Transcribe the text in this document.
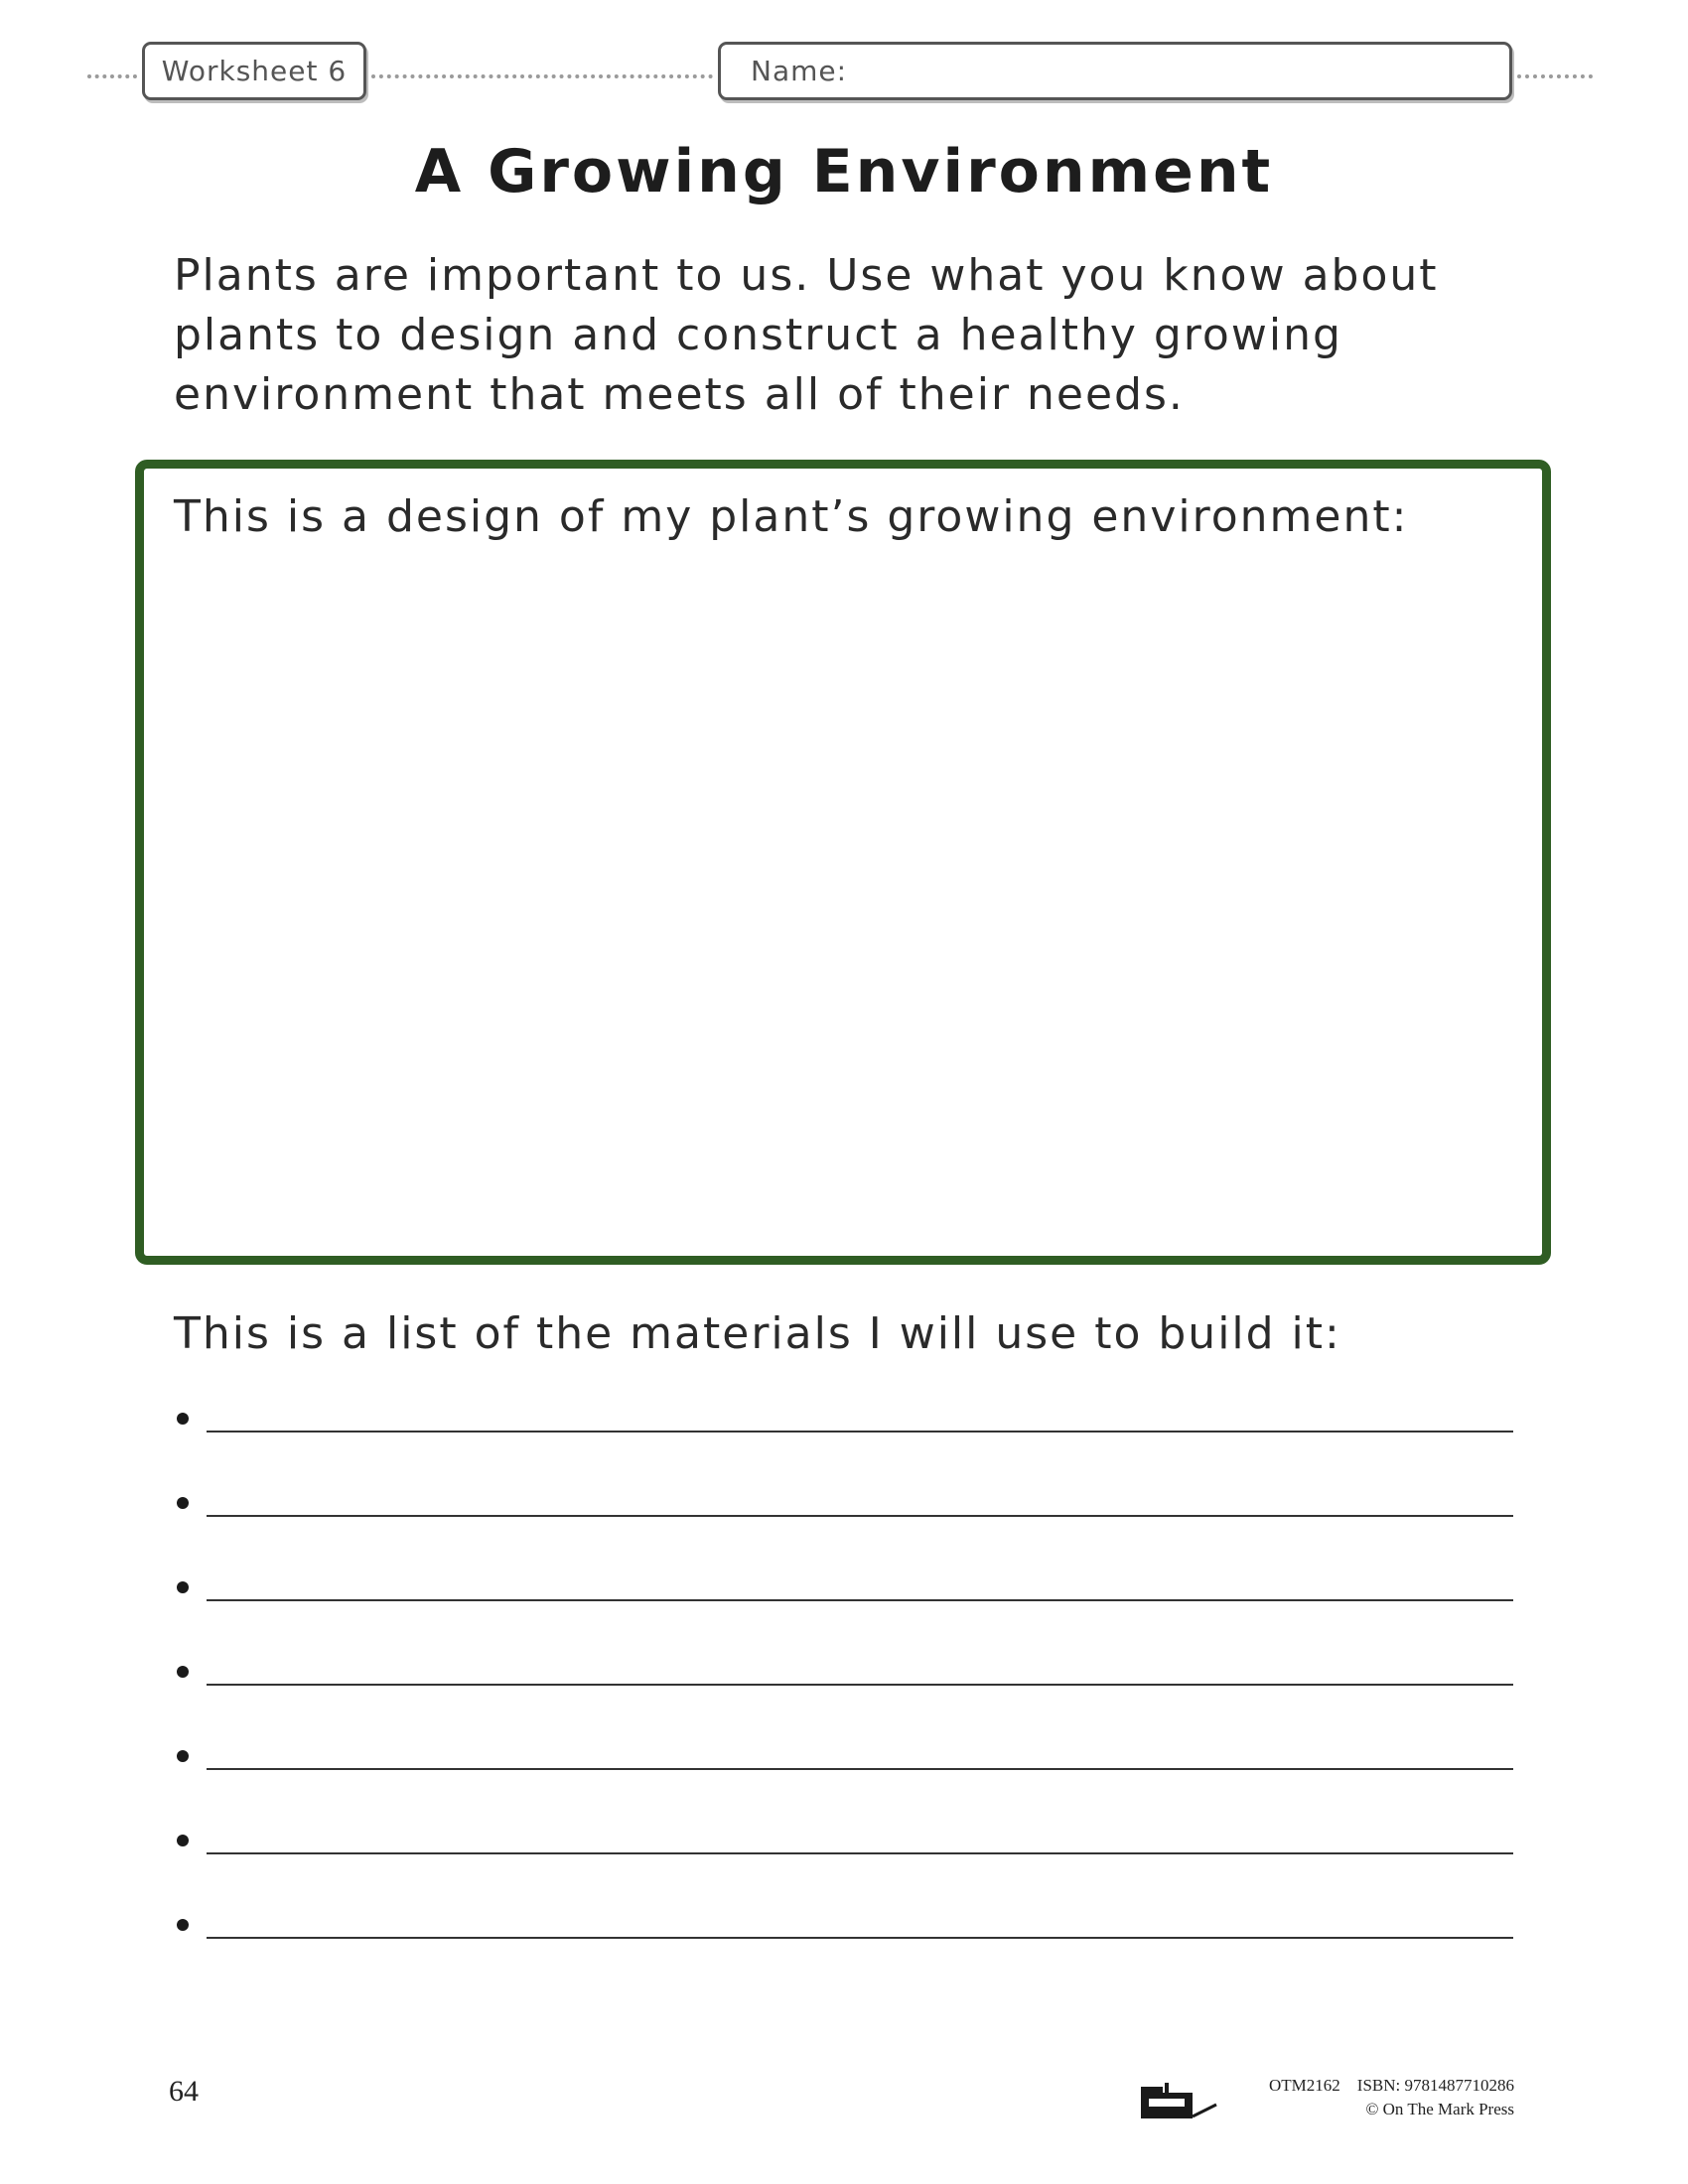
Worksheet 6	Name:
A Growing Environment
Plants are important to us. Use what you know about plants to design and construct a healthy growing environment that meets all of their needs.
This is a design of my plant’s growing environment:
This is a list of the materials I will use to build it:
64	OTM2162 ISBN: 9781487710286
© On The Mark Press
